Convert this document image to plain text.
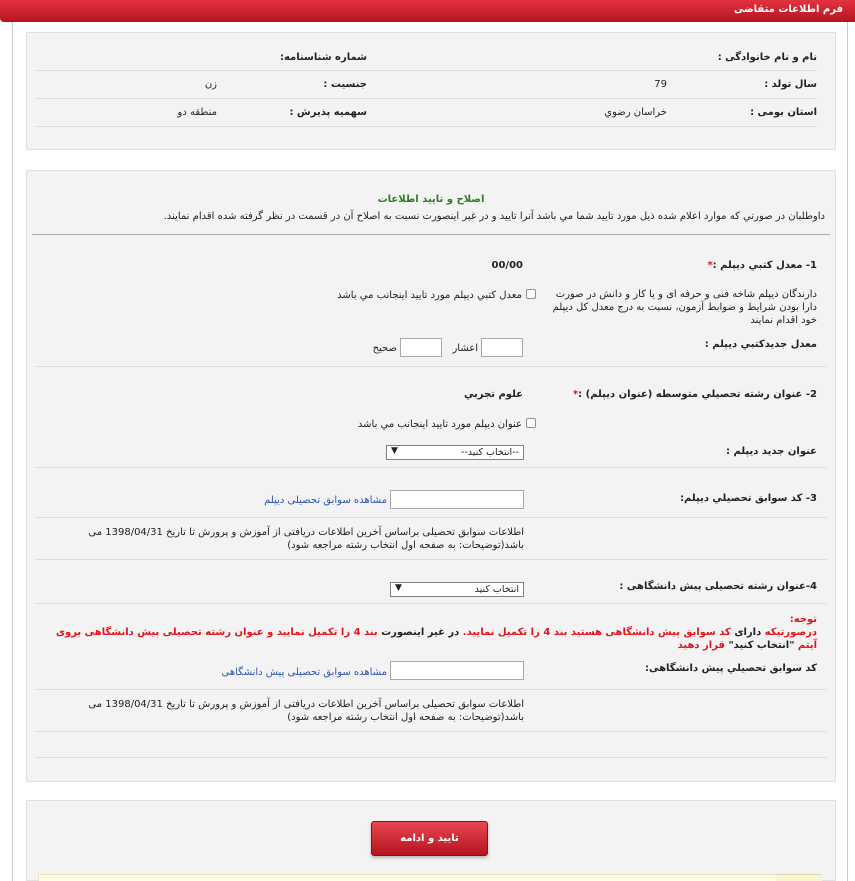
فرم اطلاعات متقاضی
نام و نام خانوادگی :
شماره شناسنامه:
سال تولد :
79
جنسیت :
زن
استان بومی :
خراسان رضوي
سهمیه پذیرش :
منطقه دو
اصلاح و تاييد اطلاعات
داوطلبان در صورتي كه موارد اعلام شده ذیل مورد تاييد شما مي باشد آنرا تاييد و در غير اينصورت نسبت به اصلاح آن در قسمت در نظر گرفته شده اقدام نمايند.
1- معدل كتبي ديپلم :*
00/00
دارندگان دیپلم شاخه فنی و حرفه ای و یا کار و دانش در صورت دارا بودن شرایط و ضوابط آزمون، نسبت به درج معدل کل دیپلم خود اقدام نمایند
معدل كتبي ديپلم مورد تاييد اينجانب مي باشد
معدل جديدكتبي ديپلم :
اعشار
صحيح
2- عنوان رشته تحصيلي متوسطه (عنوان ديپلم) :*
علوم تجربي
عنوان ديپلم مورد تاييد اينجانب مي باشد
عنوان جديد ديپلم :
--انتخاب كنيد--
▼
3- كد سوابق تحصيلي ديپلم:
مشاهده سوابق تحصیلی دیپلم
اطلاعات سوابق تحصیلی براساس آخرین اطلاعات دریافتی از آموزش و پرورش تا تاریخ 1398/04/31 می باشد(توضیحات: به صفحه اول انتخاب رشته مراجعه شود)
4-عنوان رشته تحصیلی پیش دانشگاهی :
انتخاب كنيد
▼
توجه:
درصورتیکه دارای کد سوابق پیش دانشگاهی هستید بند 4 را تکمیل نمایید. در غیر اینصورت بند 4 را تکمیل نمایید و عنوان رشته تحصیلی پیش دانشگاهی بروی آیتم "انتخاب کنید" قرار دهید
كد سوابق تحصيلي پیش دانشگاهی:
مشاهده سوابق تحصیلی پیش دانشگاهی
اطلاعات سوابق تحصیلی براساس آخرین اطلاعات دریافتی از آموزش و پرورش تا تاریخ 1398/04/31 می باشد(توضیحات: به صفحه اول انتخاب رشته مراجعه شود)
تاييد و ادامه
